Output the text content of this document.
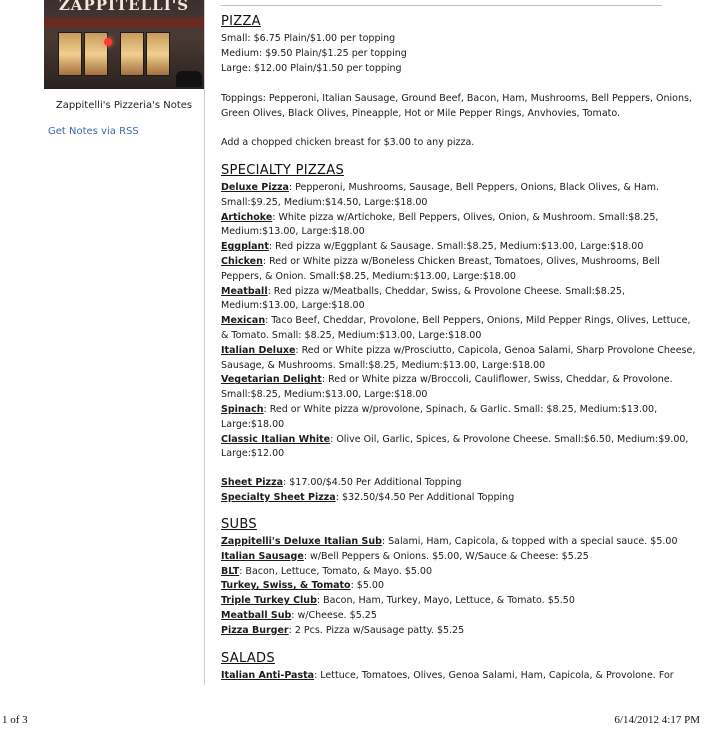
ZAPPITELLI'S
Zappitelli's Pizzeria's Notes
Get Notes via RSS
PIZZA
Small: $6.75 Plain/$1.00 per topping
Medium: $9.50 Plain/$1.25 per topping
Large: $12.00 Plain/$1.50 per topping
Toppings: Pepperoni, Italian Sausage, Ground Beef, Bacon, Ham, Mushrooms, Bell Peppers, Onions,
Green Olives, Black Olives, Pineapple, Hot or Mile Pepper Rings, Anvhovies, Tomato.
Add a chopped chicken breast for $3.00 to any pizza.
SPECIALTY PIZZAS
Deluxe Pizza: Pepperoni, Mushrooms, Sausage, Bell Peppers, Onions, Black Olives, & Ham.
Small:$9.25, Medium:$14.50, Large:$18.00
Artichoke: White pizza w/Artichoke, Bell Peppers, Olives, Onion, & Mushroom. Small:$8.25,
Medium:$13.00, Large:$18.00
Eggplant: Red pizza w/Eggplant & Sausage. Small:$8.25, Medium:$13.00, Large:$18.00
Chicken: Red or White pizza w/Boneless Chicken Breast, Tomatoes, Olives, Mushrooms, Bell
Peppers, & Onion. Small:$8.25, Medium:$13.00, Large:$18.00
Meatball: Red pizza w/Meatballs, Cheddar, Swiss, & Provolone Cheese. Small:$8.25,
Medium:$13.00, Large:$18.00
Mexican: Taco Beef, Cheddar, Provolone, Bell Peppers, Onions, Mild Pepper Rings, Olives, Lettuce,
& Tomato. Small: $8.25, Medium:$13.00, Large:$18.00
Italian Deluxe: Red or White pizza w/Prosciutto, Capicola, Genoa Salami, Sharp Provolone Cheese,
Sausage, & Mushrooms. Small:$8.25, Medium:$13.00, Large:$18.00
Vegetarian Delight: Red or White pizza w/Broccoli, Cauliflower, Swiss, Cheddar, & Provolone.
Small:$8.25, Medium:$13.00, Large:$18.00
Spinach: Red or White pizza w/provolone, Spinach, & Garlic. Small: $8.25, Medium:$13.00,
Large:$18.00
Classic Italian White: Olive Oil, Garlic, Spices, & Provolone Cheese. Small:$6.50, Medium:$9.00,
Large:$12.00
SUBS
Zappitelli's Deluxe Italian Sub: Salami, Ham, Capicola, & topped with a special sauce. $5.00
Italian Sausage: w/Bell Peppers & Onions. $5.00, W/Sauce & Cheese: $5.25
BLT: Bacon, Lettuce, Tomato, & Mayo. $5.00
Turkey, Swiss, & Tomato: $5.00
Triple Turkey Club: Bacon, Ham, Turkey, Mayo, Lettuce, & Tomato. $5.50
Meatball Sub: w/Cheese. $5.25
Pizza Burger: 2 Pcs. Pizza w/Sausage patty. $5.25
SALADS
Italian Anti-Pasta: Lettuce, Tomatoes, Olives, Genoa Salami, Ham, Capicola, & Provolone. For
1 of 3	6/14/2012 4:17 PM
Sheet Pizza: $17.00/$4.50 Per Additional Topping
Specialty Sheet Pizza: $32.50/$4.50 Per Additional Topping
